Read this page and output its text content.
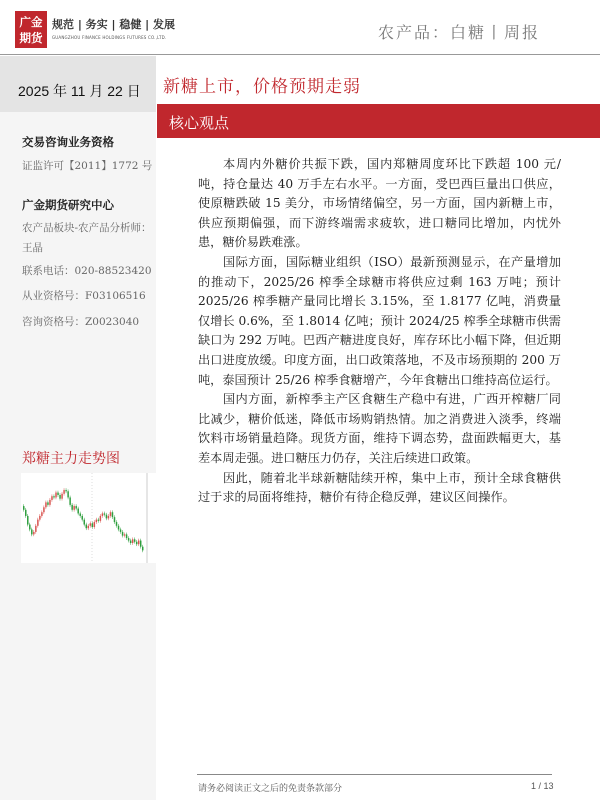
广金
期货
规范 | 务实 | 稳健 | 发展
GUANGZHOU FINANCE HOLDINGS FUTURES CO.,LTD.	农产品：白糖丨周报
2025 年 11 月 22 日
交易咨询业务资格
证监许可【2011】1772 号
广金期货研究中心
农产品板块-农产品分析师：王晶
联系电话：020-88523420
从业资格号：F03106516
咨询资格号：Z0023040
郑糖主力走势图
新糖上市，价格预期走弱
核心观点

本周内外糖价共振下跌，国内郑糖周度环比下跌超 100 元/吨，持仓量达 40 万手左右水平。一方面，受巴西巨量出口供应，使原糖跌破 15 美分，市场情绪偏空，另一方面，国内新糖上市，供应预期偏强，而下游终端需求疲软，进口糖同比增加，内忧外患，糖价易跌难涨。

国际方面，国际糖业组织（ISO）最新预测显示，在产量增加的推动下，2025/26 榨季全球糖市将供应过剩 163 万吨；预计 2025/26 榨季糖产量同比增长 3.15%，至 1.8177 亿吨，消费量仅增长 0.6%，至 1.8014 亿吨；预计 2024/25 榨季全球糖市供需缺口为 292 万吨。巴西产糖进度良好，库存环比小幅下降，但近期出口进度放缓。印度方面，出口政策落地，不及市场预期的 200 万吨，泰国预计 25/26 榨季食糖增产，今年食糖出口维持高位运行。

国内方面，新榨季主产区食糖生产稳中有进，广西开榨糖厂同比减少，糖价低迷，降低市场购销热情。加之消费进入淡季，终端饮料市场销量趋降。现货方面，维持下调态势，盘面跌幅更大，基差本周走强。进口糖压力仍存，关注后续进口政策。

因此，随着北半球新糖陆续开榨，集中上市，预计全球食糖供过于求的局面将维持，糖价有待企稳反弹，建议区间操作。

请务必阅读正文之后的免责条款部分	1 / 13
